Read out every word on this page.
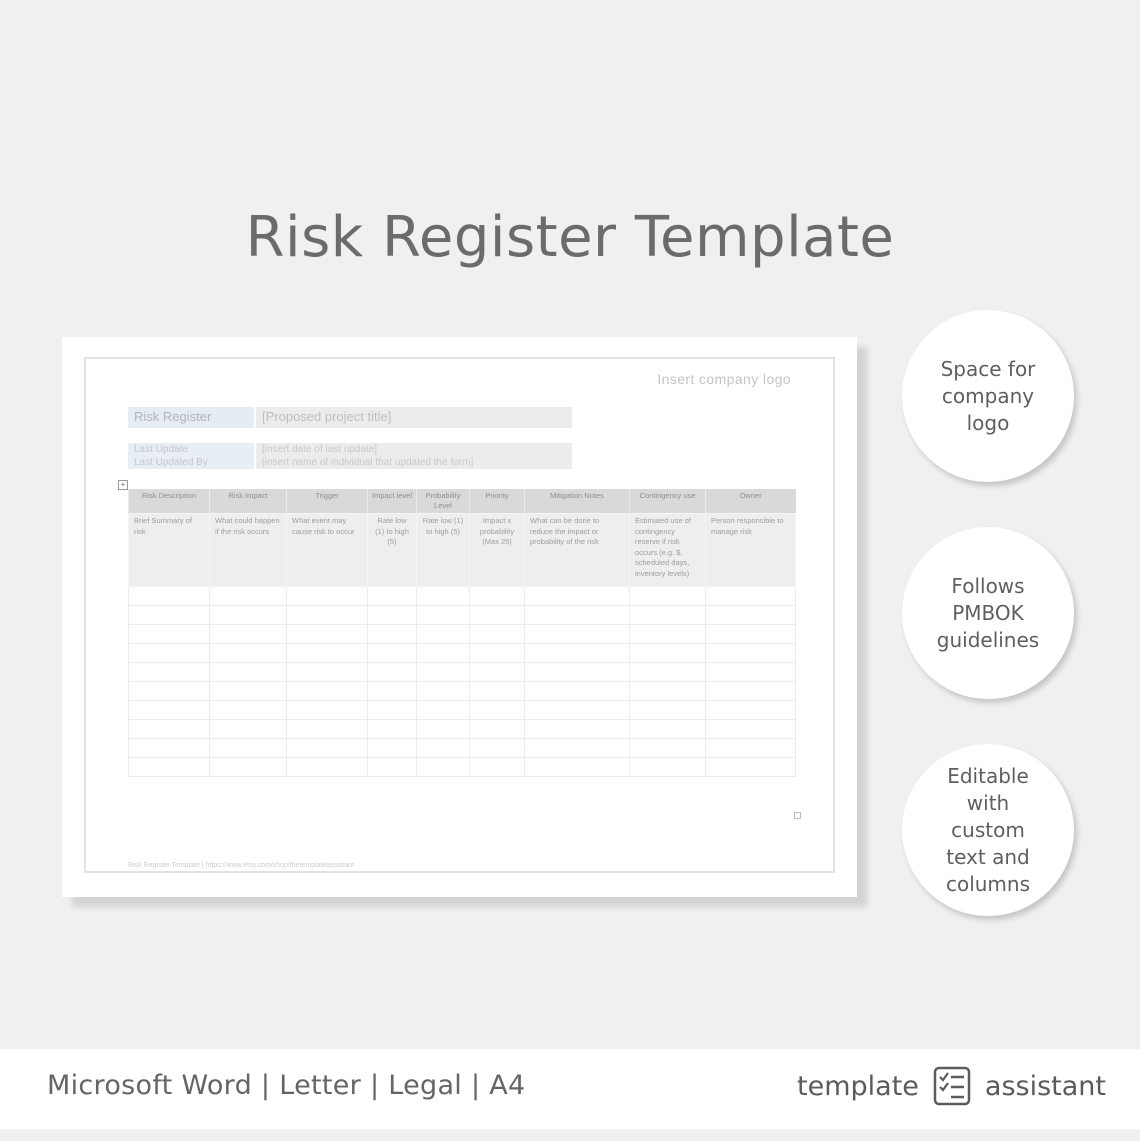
Risk Register Template
Insert company logo
Risk Register	[Proposed project title]
Last Update	[insert date of last update]
Last Updated By	[insert name of individual that updated the form]
+
Risk Description	Risk Impact	Trigger	Impact level	Probability Level	Priority	Mitigation Notes	Contingency use	Owner
Brief Summary of risk	What could happen if the risk occurs	What event may cause risk to occur	Rate low (1) to high (5)	Rate low (1) to high (5)	Impact x probability (Max 25)	What can be done to reduce the impact or probability of the risk	Estimated use of contingency reserve if risk occurs (e.g. $, scheduled days, inventory levels)	Person responsible to manage risk

Risk Register Template | https://www.etsy.com/shop/thetemplateassistant
Space for
company
logo
Follows
PMBOK
guidelines
Editable
with
custom
text and
columns
Microsoft Word | Letter | Legal | A4	template assistant
